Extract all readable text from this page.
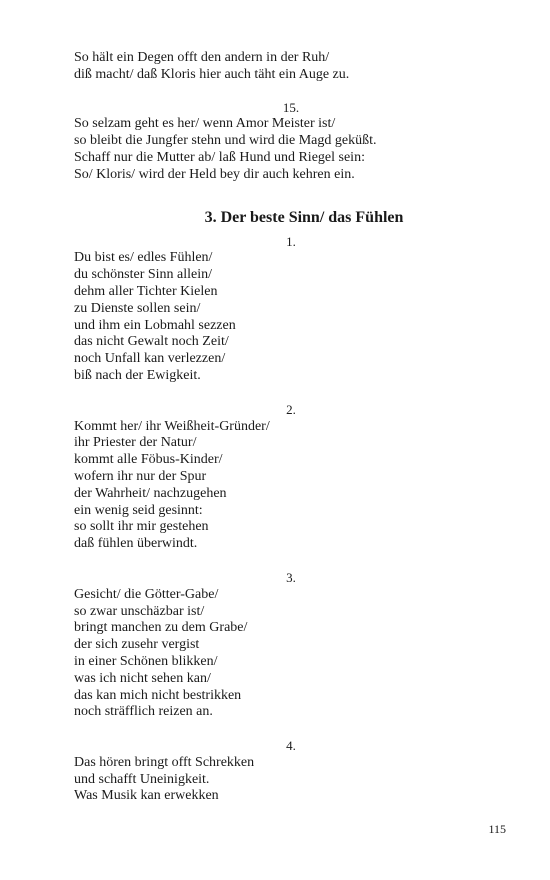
So hält ein Degen offt den andern in der Ruh/
diß macht/ daß Kloris hier auch täht ein Auge zu.
15.
So selzam geht es her/ wenn Amor Meister ist/
so bleibt die Jungfer stehn und wird die Magd geküßt.
Schaff nur die Mutter ab/ laß Hund und Riegel sein:
So/ Kloris/ wird der Held bey dir auch kehren ein.
3. Der beste Sinn/ das Fühlen
1.
Du bist es/ edles Fühlen/
du schönster Sinn allein/
dehm aller Tichter Kielen
zu Dienste sollen sein/
und ihm ein Lobmahl sezzen
das nicht Gewalt noch Zeit/
noch Unfall kan verlezzen/
biß nach der Ewigkeit.
2.
Kommt her/ ihr Weißheit-Gründer/
ihr Priester der Natur/
kommt alle Föbus-Kinder/
wofern ihr nur der Spur
der Wahrheit/ nachzugehen
ein wenig seid gesinnt:
so sollt ihr mir gestehen
daß fühlen überwindt.
3.
Gesicht/ die Götter-Gabe/
so zwar unschäzbar ist/
bringt manchen zu dem Grabe/
der sich zusehr vergist
in einer Schönen blikken/
was ich nicht sehen kan/
das kan mich nicht bestrikken
noch sträfflich reizen an.
4.
Das hören bringt offt Schrekken
und schafft Uneinigkeit.
Was Musik kan erwekken
115
